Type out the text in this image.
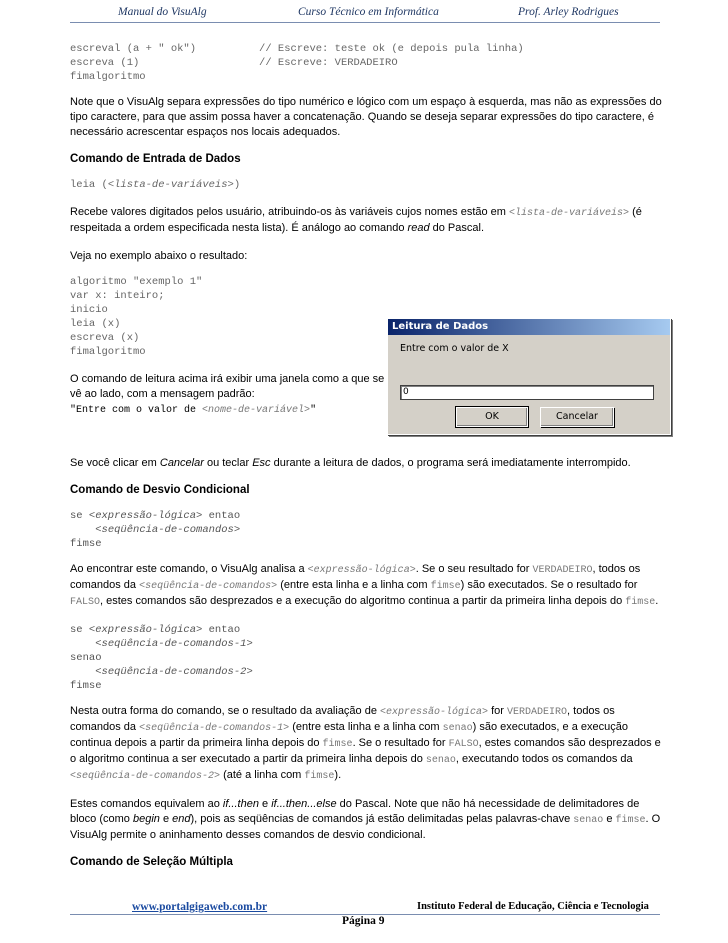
Manual do VisuAlg	Curso Técnico em Informática	Prof. Arley Rodrigues
escreval (a + " ok")          // Escreve: teste ok (e depois pula linha)
escreva (1)                   // Escreve: VERDADEIRO
fimalgoritmo

Note que o VisuAlg separa expressões do tipo numérico e lógico com um espaço à esquerda, mas não as expressões do tipo caractere, para que assim possa haver a concatenação. Quando se deseja separar expressões do tipo caractere, é necessário acrescentar espaços nos locais adequados.

Comando de Entrada de Dados

leia (<lista-de-variáveis>)

Recebe valores digitados pelos usuário, atribuindo-os às variáveis cujos nomes estão em <lista-de-variáveis> (é respeitada a ordem especificada nesta lista). É análogo ao comando read do Pascal.

Veja no exemplo abaixo o resultado:

algoritmo "exemplo 1"
var x: inteiro;
inicio
leia (x)
escreva (x)
fimalgoritmo

O comando de leitura acima irá exibir uma janela como a que se vê ao lado, com a mensagem padrão:
"Entre com o valor de <nome-de-variável>"

Se você clicar em Cancelar ou teclar Esc durante a leitura de dados, o programa será imediatamente interrompido.

Comando de Desvio Condicional

se <expressão-lógica> entao
<seqüência-de-comandos>
fimse

Ao encontrar este comando, o VisuAlg analisa a <expressão-lógica>. Se o seu resultado for VERDADEIRO, todos os comandos da <seqüência-de-comandos> (entre esta linha e a linha com fimse) são executados. Se o resultado for FALSO, estes comandos são desprezados e a execução do algoritmo continua a partir da primeira linha depois do fimse.

se <expressão-lógica> entao
<seqüência-de-comandos-1>
senao
<seqüência-de-comandos-2>
fimse

Nesta outra forma do comando, se o resultado da avaliação de <expressão-lógica> for VERDADEIRO, todos os comandos da <seqüência-de-comandos-1> (entre esta linha e a linha com senao) são executados, e a execução continua depois a partir da primeira linha depois do fimse. Se o resultado for FALSO, estes comandos são desprezados e o algoritmo continua a ser executado a partir da primeira linha depois do senao, executando todos os comandos da <seqüência-de-comandos-2> (até a linha com fimse).

Estes comandos equivalem ao if...then e if...then...else do Pascal. Note que não há necessidade de delimitadores de bloco (como begin e end), pois as seqüências de comandos já estão delimitadas pelas palavras-chave senao e fimse. O VisuAlg permite o aninhamento desses comandos de desvio condicional.

Comando de Seleção Múltipla

Leitura de Dados
Entre com o valor de X
0
OK	Cancelar
www.portalgigaweb.com.br	Instituto Federal de Educação, Ciência e Tecnologia
Página 9
